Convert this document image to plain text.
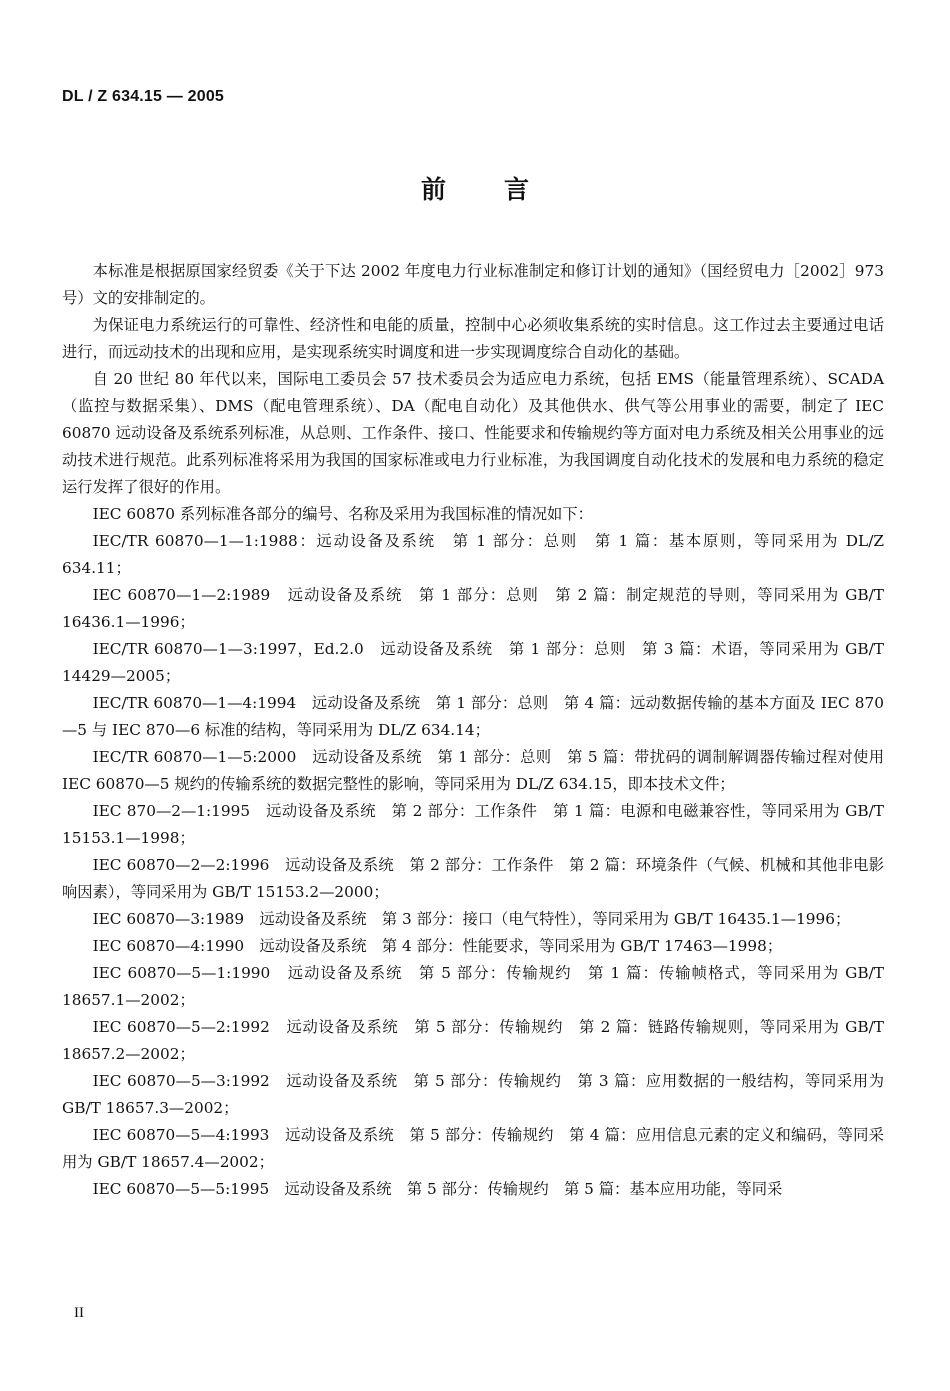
DL / Z 634.15 — 2005
前言

本标准是根据原国家经贸委《关于下达 2002 年度电力行业标准制定和修订计划的通知》（国经贸电力［2002］973 号）文的安排制定的。

为保证电力系统运行的可靠性、经济性和电能的质量，控制中心必须收集系统的实时信息。这工作过去主要通过电话进行，而远动技术的出现和应用，是实现系统实时调度和进一步实现调度综合自动化的基础。

自 20 世纪 80 年代以来，国际电工委员会 57 技术委员会为适应电力系统，包括 EMS（能量管理系统）、SCADA（监控与数据采集）、DMS（配电管理系统）、DA（配电自动化）及其他供水、供气等公用事业的需要，制定了 IEC 60870 远动设备及系统系列标准，从总则、工作条件、接口、性能要求和传输规约等方面对电力系统及相关公用事业的远动技术进行规范。此系列标准将采用为我国的国家标准或电力行业标准，为我国调度自动化技术的发展和电力系统的稳定运行发挥了很好的作用。

IEC 60870 系列标准各部分的编号、名称及采用为我国标准的情况如下：

IEC/TR 60870—1—1:1988：远动设备及系统　第 1 部分：总则　第 1 篇：基本原则，等同采用为 DL/Z 634.11；

IEC 60870—1—2:1989　远动设备及系统　第 1 部分：总则　第 2 篇：制定规范的导则，等同采用为 GB/T 16436.1—1996；

IEC/TR 60870—1—3:1997，Ed.2.0　远动设备及系统　第 1 部分：总则　第 3 篇：术语，等同采用为 GB/T 14429—2005；

IEC/TR 60870—1—4:1994　远动设备及系统　第 1 部分：总则　第 4 篇：远动数据传输的基本方面及 IEC 870—5 与 IEC 870—6 标准的结构，等同采用为 DL/Z 634.14；

IEC/TR 60870—1—5:2000　远动设备及系统　第 1 部分：总则　第 5 篇：带扰码的调制解调器传输过程对使用 IEC 60870—5 规约的传输系统的数据完整性的影响，等同采用为 DL/Z 634.15，即本技术文件；

IEC 870—2—1:1995　远动设备及系统　第 2 部分：工作条件　第 1 篇：电源和电磁兼容性，等同采用为 GB/T 15153.1—1998；

IEC 60870—2—2:1996　远动设备及系统　第 2 部分：工作条件　第 2 篇：环境条件（气候、机械和其他非电影响因素），等同采用为 GB/T 15153.2—2000；

IEC 60870—3:1989　远动设备及系统　第 3 部分：接口（电气特性），等同采用为 GB/T 16435.1—1996；

IEC 60870—4:1990　远动设备及系统　第 4 部分：性能要求，等同采用为 GB/T 17463—1998；

IEC 60870—5—1:1990　远动设备及系统　第 5 部分：传输规约　第 1 篇：传输帧格式，等同采用为 GB/T 18657.1—2002；

IEC 60870—5—2:1992　远动设备及系统　第 5 部分：传输规约　第 2 篇：链路传输规则，等同采用为 GB/T 18657.2—2002；

IEC 60870—5—3:1992　远动设备及系统　第 5 部分：传输规约　第 3 篇：应用数据的一般结构，等同采用为 GB/T 18657.3—2002；

IEC 60870—5—4:1993　远动设备及系统　第 5 部分：传输规约　第 4 篇：应用信息元素的定义和编码，等同采用为 GB/T 18657.4—2002；

IEC 60870—5—5:1995　远动设备及系统　第 5 部分：传输规约　第 5 篇：基本应用功能，等同采

II
